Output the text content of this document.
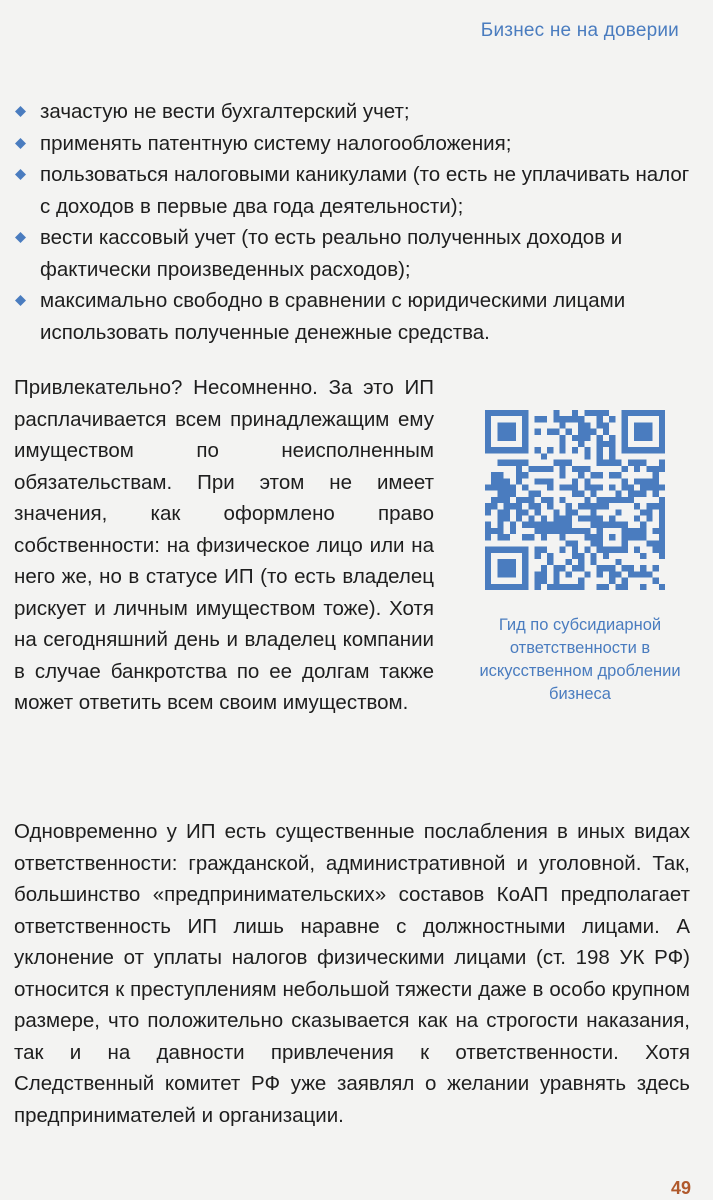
Бизнес не на доверии
зачастую не вести бухгалтерский учет;
применять патентную систему налогообложения;
пользоваться налоговыми каникулами (то есть не уплачивать налог с доходов в первые два года деятельности);
вести кассовый учет (то есть реально полученных доходов и фактически произведенных расходов);
максимально свободно в сравнении с юридическими лицами использовать полученные денежные средства.

Привлекательно? Несомненно. За это ИП расплачивается всем принадлежащим ему имуществом по неисполненным обязательствам. При этом не имеет значения, как оформлено право собственности: на физическое лицо или на него же, но в статусе ИП (то есть владелец рискует и личным имуществом тоже). Хотя на сегодняшний день и владелец компании в случае банкротства по ее долгам также может ответить всем своим имуществом.

Гид по субсидиарной ответственности в искусственном дроблении бизнеса

Одновременно у ИП есть существенные послабления в иных видах ответственности: гражданской, административной и уголовной. Так, большинство «предпринимательских» составов КоАП предполагает ответственность ИП лишь наравне с должностными лицами. А уклонение от уплаты налогов физическими лицами (ст. 198 УК РФ) относится к преступлениям небольшой тяжести даже в особо крупном размере, что положительно сказывается как на строгости наказания, так и на давности привлечения к ответственности. Хотя Следственный комитет РФ уже заявлял о желании уравнять здесь предпринимателей и организации.

49
